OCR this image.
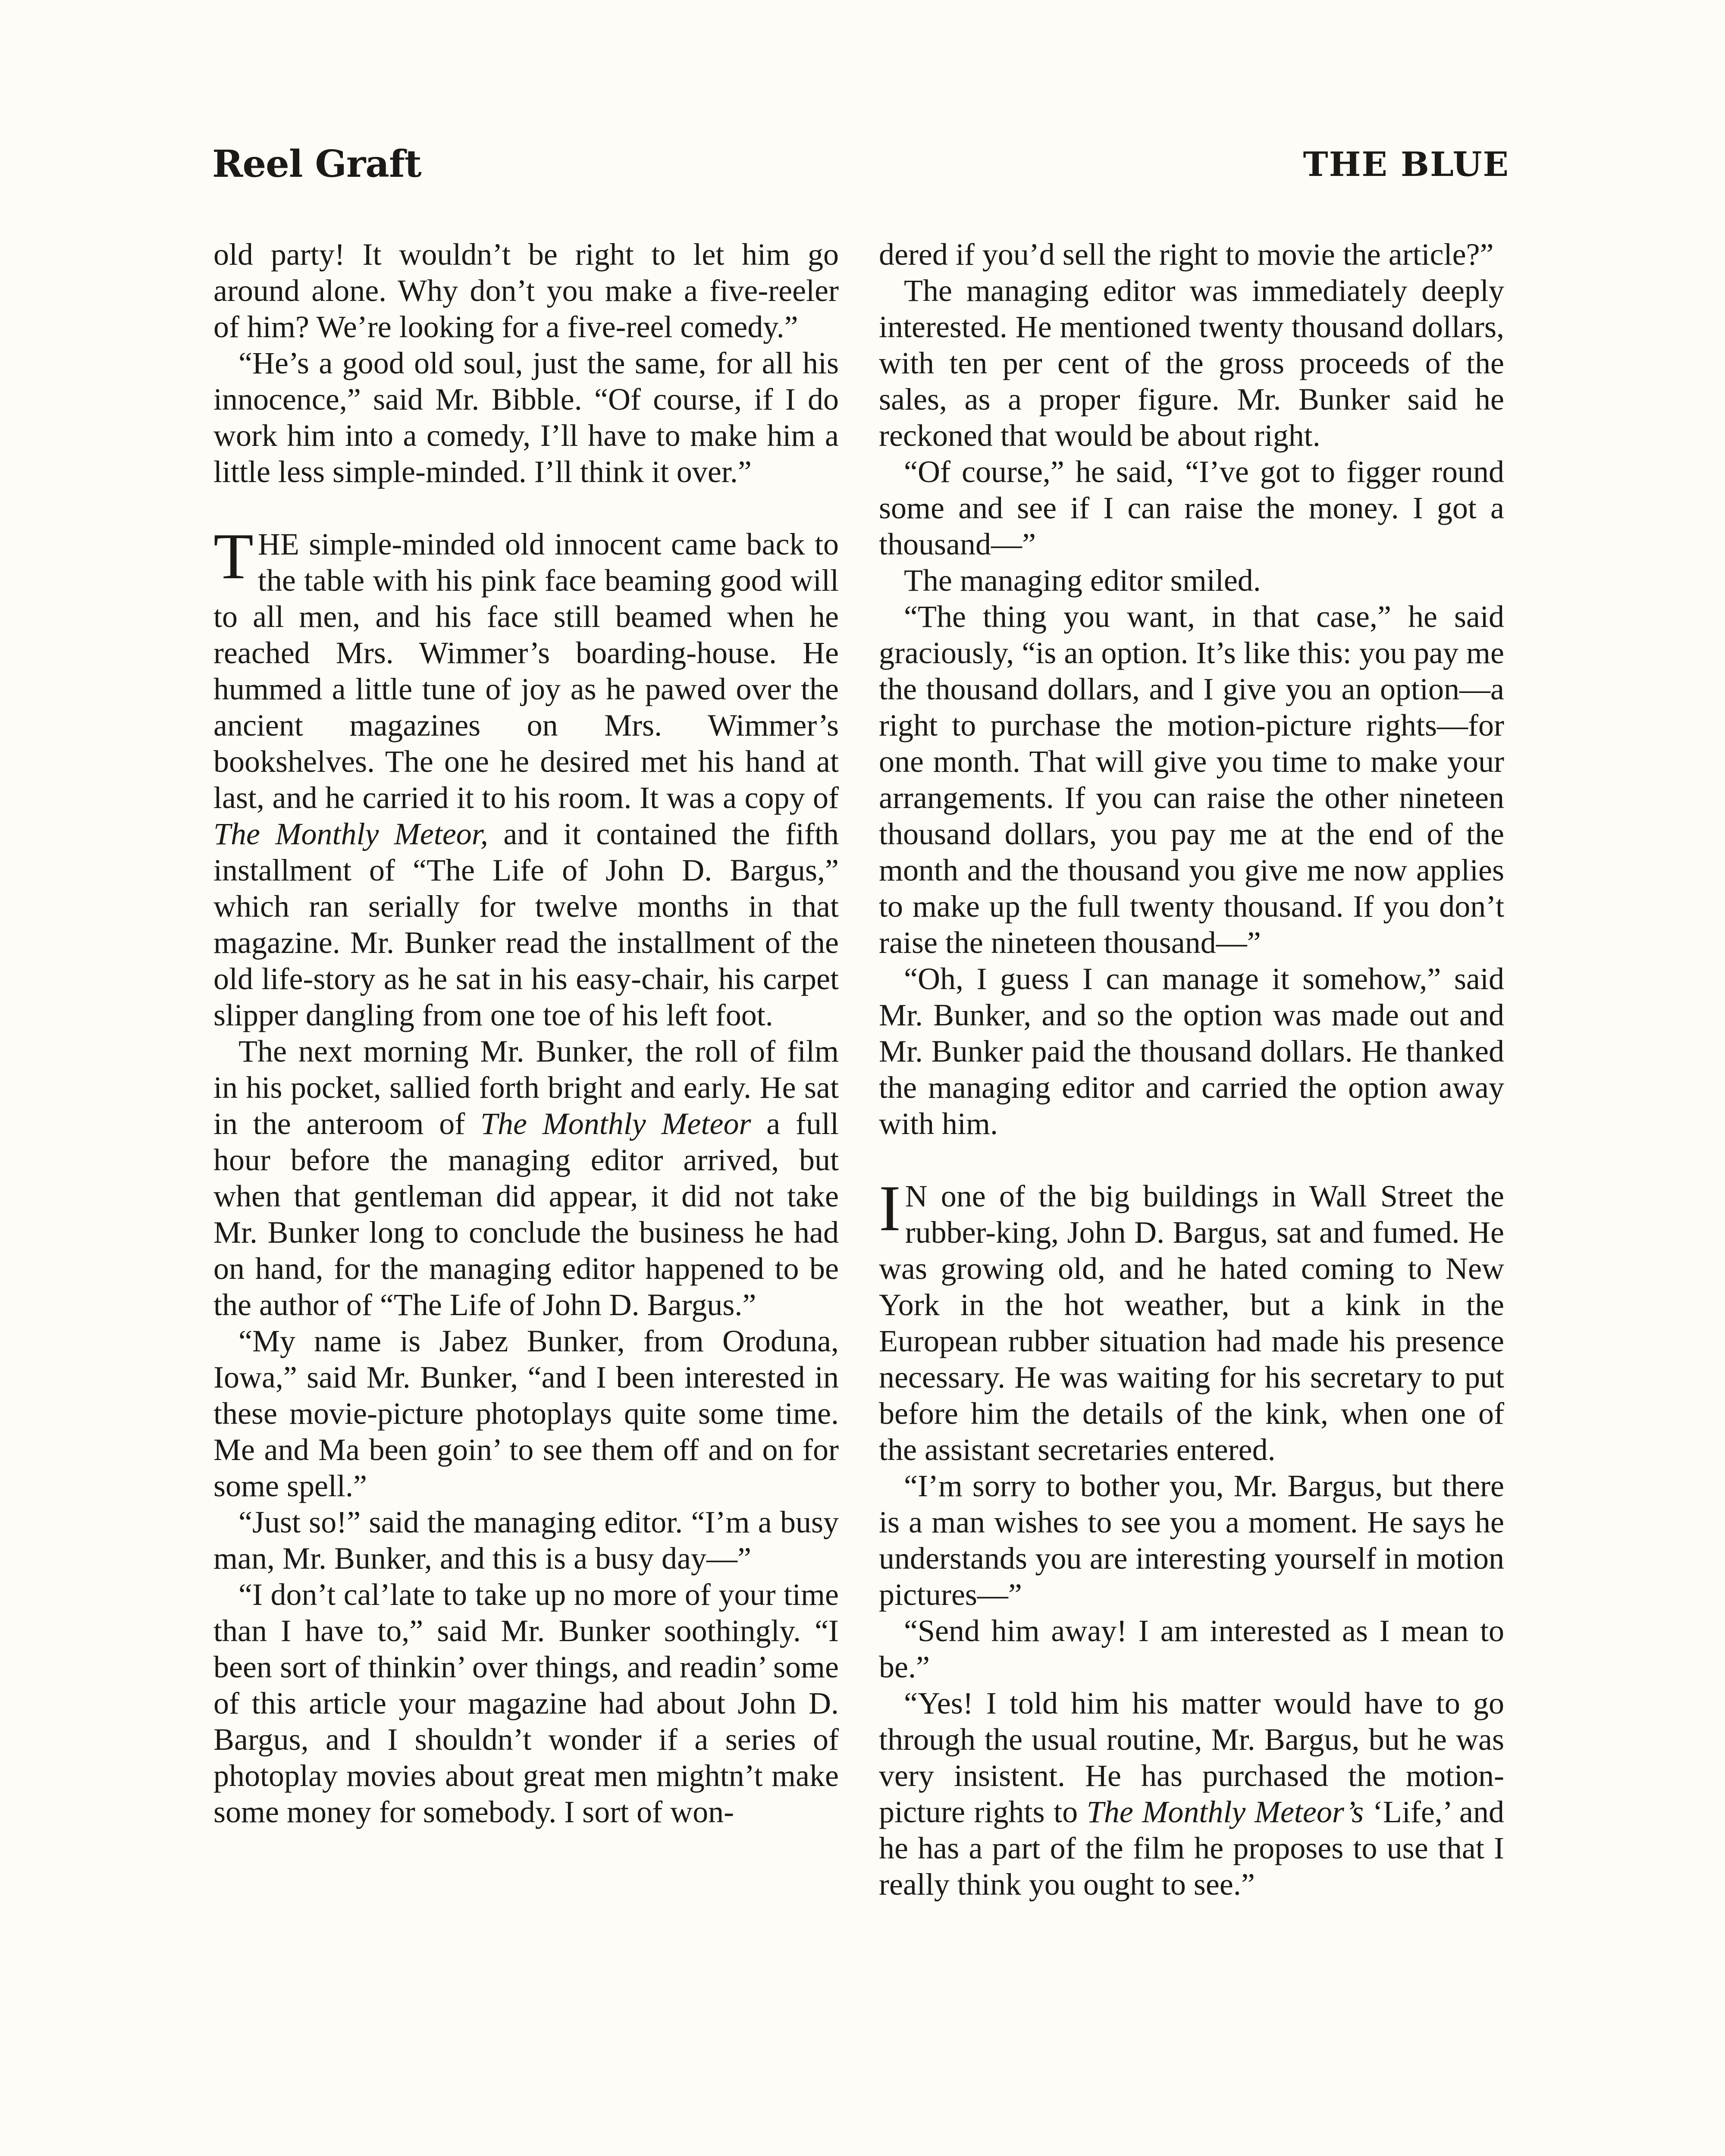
Reel Graft	THE BLUE

old party! It wouldn’t be right to let him go around alone. Why don’t you make a five-reeler of him? We’re looking for a five-reel comedy.”

“He’s a good old soul, just the same, for all his innocence,” said Mr. Bibble. “Of course, if I do work him into a comedy, I’ll have to make him a little less simple-minded. I’ll think it over.”

THE simple-minded old innocent came back to the table with his pink face beaming good will to all men, and his face still beamed when he reached Mrs. Wimmer’s boarding-house. He hummed a little tune of joy as he pawed over the ancient magazines on Mrs. Wimmer’s bookshelves. The one he desired met his hand at last, and he carried it to his room. It was a copy of The Monthly Meteor, and it contained the fifth installment of “The Life of John D. Bargus,” which ran serially for twelve months in that magazine. Mr. Bunker read the installment of the old life-story as he sat in his easy-chair, his carpet slipper dangling from one toe of his left foot.

The next morning Mr. Bunker, the roll of film in his pocket, sallied forth bright and early. He sat in the anteroom of The Monthly Meteor a full hour before the managing editor arrived, but when that gentleman did appear, it did not take Mr. Bunker long to conclude the business he had on hand, for the managing editor happened to be the author of “The Life of John D. Bargus.”

“My name is Jabez Bunker, from Oroduna, Iowa,” said Mr. Bunker, “and I been interested in these movie-picture photoplays quite some time. Me and Ma been goin’ to see them off and on for some spell.”

“Just so!” said the managing editor. “I’m a busy man, Mr. Bunker, and this is a busy day—”

“I don’t cal’late to take up no more of your time than I have to,” said Mr. Bunker soothingly. “I been sort of thinkin’ over things, and readin’ some of this article your magazine had about John D. Bargus, and I shouldn’t wonder if a series of photoplay movies about great men mightn’t make some money for somebody. I sort of won-

dered if you’d sell the right to movie the article?”

The managing editor was immediately deeply interested. He mentioned twenty thousand dollars, with ten per cent of the gross proceeds of the sales, as a proper figure. Mr. Bunker said he reckoned that would be about right.

“Of course,” he said, “I’ve got to figger round some and see if I can raise the money. I got a thousand—”

The managing editor smiled.

“The thing you want, in that case,” he said graciously, “is an option. It’s like this: you pay me the thousand dollars, and I give you an option—a right to purchase the motion-picture rights—for one month. That will give you time to make your arrangements. If you can raise the other nineteen thousand dollars, you pay me at the end of the month and the thousand you give me now applies to make up the full twenty thousand. If you don’t raise the nineteen thousand—”

“Oh, I guess I can manage it somehow,” said Mr. Bunker, and so the option was made out and Mr. Bunker paid the thousand dollars. He thanked the managing editor and carried the option away with him.

I N one of the big buildings in Wall Street the rubber-king, John D. Bargus, sat and fumed. He was growing old, and he hated coming to New York in the hot weather, but a kink in the European rubber situation had made his presence necessary. He was waiting for his secretary to put before him the details of the kink, when one of the assistant secretaries entered.

“I’m sorry to bother you, Mr. Bargus, but there is a man wishes to see you a moment. He says he understands you are interesting yourself in motion pictures—”

“Send him away! I am interested as I mean to be.”

“Yes! I told him his matter would have to go through the usual routine, Mr. Bargus, but he was very insistent. He has purchased the motion-picture rights to The Monthly Meteor’s ‘Life,’ and he has a part of the film he proposes to use that I really think you ought to see.”
